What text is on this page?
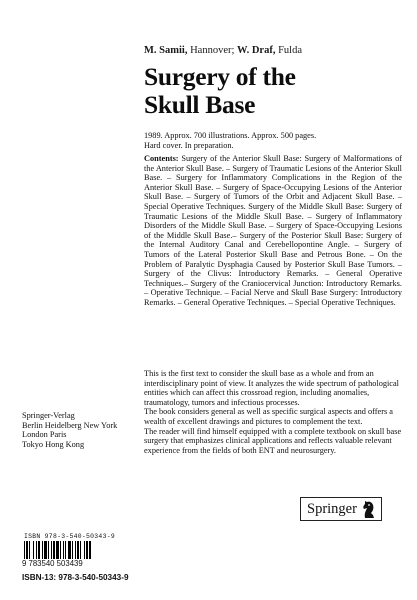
M. Samii, Hannover; W. Draf, Fulda
Surgery of the
Skull Base
1989. Approx. 700 illustrations. Approx. 500 pages.
Hard cover. In preparation.
Contents: Surgery of the Anterior Skull Base: Surgery of Malformations of the Anterior Skull Base. – Surgery of Traumatic Lesions of the Anterior Skull Base. – Surgery for Inflammatory Complications in the Region of the Anterior Skull Base. – Surgery of Space-Occupying Lesions of the Anterior Skull Base. – Surgery of Tumors of the Orbit and Adjacent Skull Base. – Special Operative Techniques. Surgery of the Middle Skull Base: Surgery of Traumatic Lesions of the Middle Skull Base. – Surgery of Inflammatory Disorders of the Middle Skull Base. – Surgery of Space-Occupying Lesions of the Middle Skull Base.– Surgery of the Posterior Skull Base: Surgery of the Internal Auditory Canal and Cerebellopontine Angle. – Surgery of Tumors of the Lateral Posterior Skull Base and Petrous Bone. – On the Problem of Paralytic Dysphagia Caused by Posterior Skull Base Tumors. – Surgery of the Clivus: Introductory Remarks. – General Operative Techniques.– Surgery of the Craniocervical Junction: Introductory Remarks. – Operative Technique. – Facial Nerve and Skull Base Surgery: Introductory Remarks. – General Operative Techniques. – Special Operative Techniques.

This is the first text to consider the skull base as a whole and from an interdisciplinary point of view. It analyzes the wide spectrum of pathological entities which can affect this crossroad region, including anomalies, traumatology, tumors and infectious processes.

The book considers general as well as specific surgical aspects and offers a wealth of excellent drawings and pictures to complement the text.

The reader will find himself equipped with a complete textbook on skull base surgery that emphasizes clinical applications and reflects valuable relevant experience from the fields of both ENT and neurosurgery.

Springer-Verlag
Berlin Heidelberg New York
London Paris
Tokyo Hong Kong
Springer
ISBN 978-3-540-50343-9
9 783540 503439
ISBN-13: 978-3-540-50343-9
